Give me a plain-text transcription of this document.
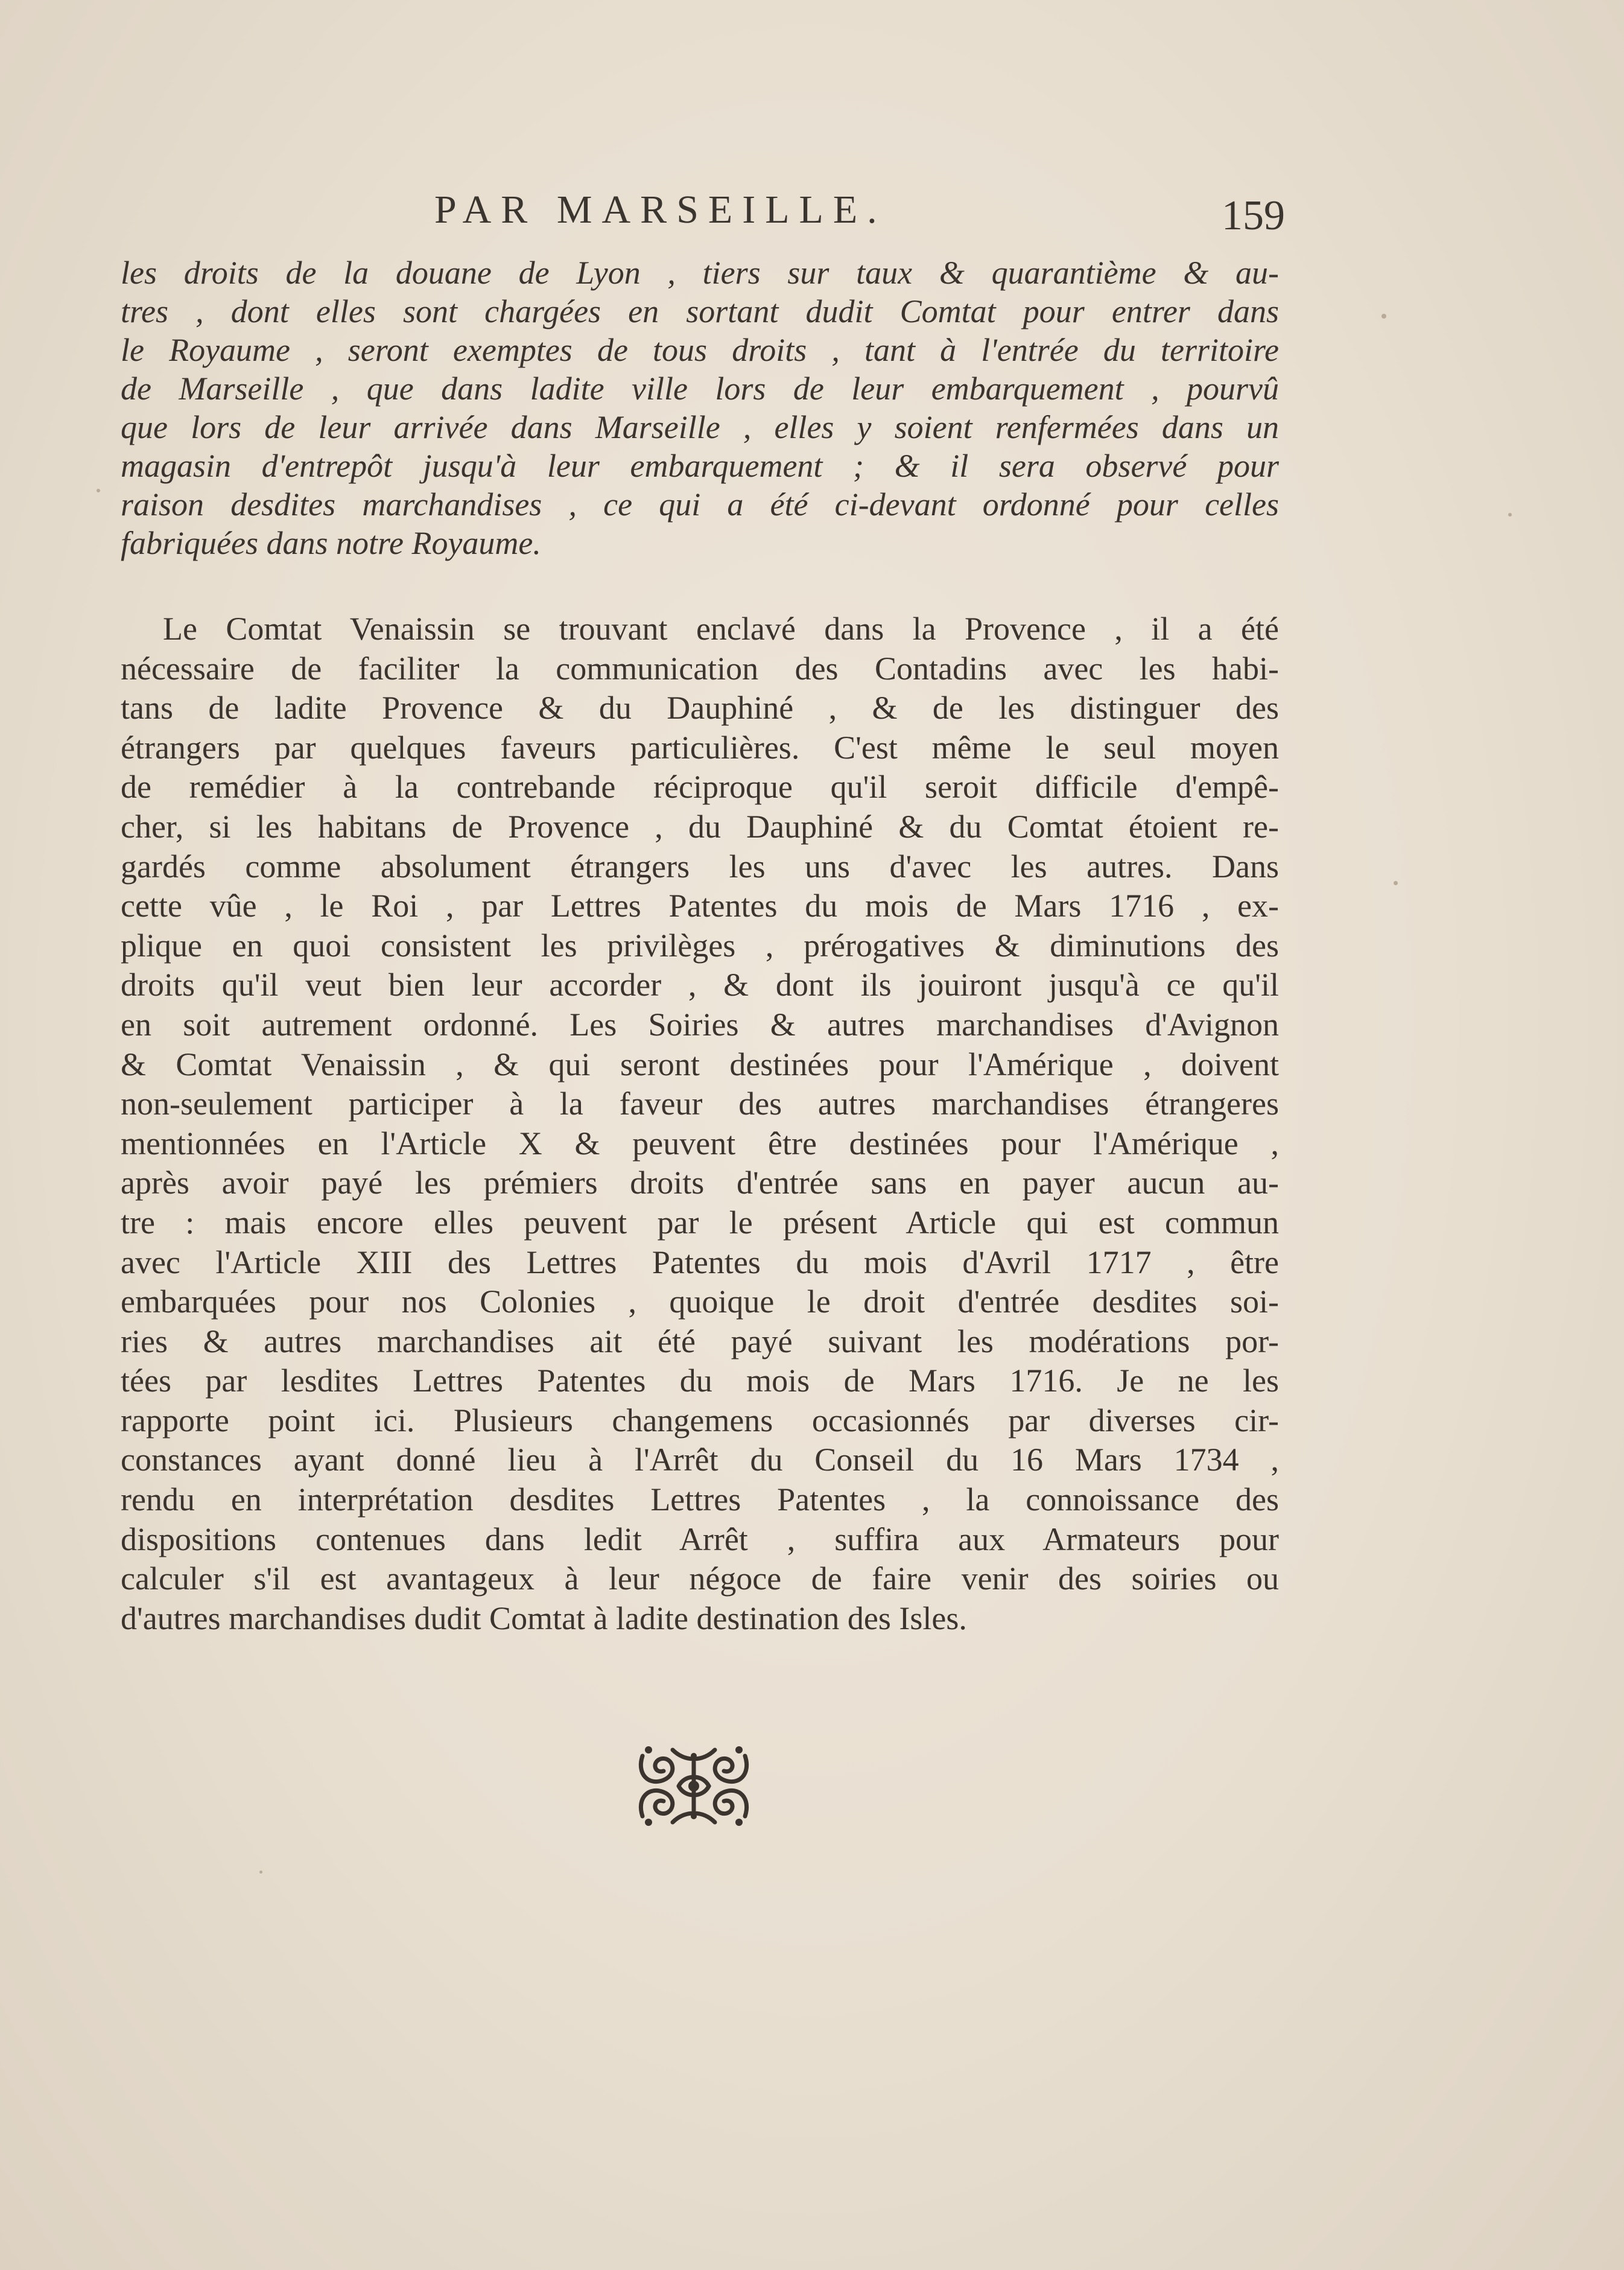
PAR MARSEILLE.	159
les droits de la douane de Lyon , tiers sur taux & quarantième & au-
tres , dont elles sont chargées en sortant dudit Comtat pour entrer dans
le Royaume , seront exemptes de tous droits , tant à l'entrée du territoire
de Marseille , que dans ladite ville lors de leur embarquement , pourvû
que lors de leur arrivée dans Marseille , elles y soient renfermées dans un
magasin d'entrepôt jusqu'à leur embarquement ; & il sera observé pour
raison desdites marchandises , ce qui a été ci-devant ordonné pour celles
fabriquées dans notre Royaume.
Le Comtat Venaissin se trouvant enclavé dans la Provence , il a été
nécessaire de faciliter la communication des Contadins avec les habi-
tans de ladite Provence & du Dauphiné , & de les distinguer des
étrangers par quelques faveurs particulières. C'est même le seul moyen
de remédier à la contrebande réciproque qu'il seroit difficile d'empê-
cher, si les habitans de Provence , du Dauphiné & du Comtat étoient re-
gardés comme absolument étrangers les uns d'avec les autres. Dans
cette vûe , le Roi , par Lettres Patentes du mois de Mars 1716 , ex-
plique en quoi consistent les privilèges , prérogatives & diminutions des
droits qu'il veut bien leur accorder , & dont ils jouiront jusqu'à ce qu'il
en soit autrement ordonné. Les Soiries & autres marchandises d'Avignon
& Comtat Venaissin , & qui seront destinées pour l'Amérique , doivent
non-seulement participer à la faveur des autres marchandises étrangeres
mentionnées en l'Article X & peuvent être destinées pour l'Amérique ,
après avoir payé les prémiers droits d'entrée sans en payer aucun au-
tre : mais encore elles peuvent par le présent Article qui est commun
avec l'Article XIII des Lettres Patentes du mois d'Avril 1717 , être
embarquées pour nos Colonies , quoique le droit d'entrée desdites soi-
ries & autres marchandises ait été payé suivant les modérations por-
tées par lesdites Lettres Patentes du mois de Mars 1716. Je ne les
rapporte point ici. Plusieurs changemens occasionnés par diverses cir-
constances ayant donné lieu à l'Arrêt du Conseil du 16 Mars 1734 ,
rendu en interprétation desdites Lettres Patentes , la connoissance des
dispositions contenues dans ledit Arrêt , suffira aux Armateurs pour
calculer s'il est avantageux à leur négoce de faire venir des soiries ou
d'autres marchandises dudit Comtat à ladite destination des Isles.
